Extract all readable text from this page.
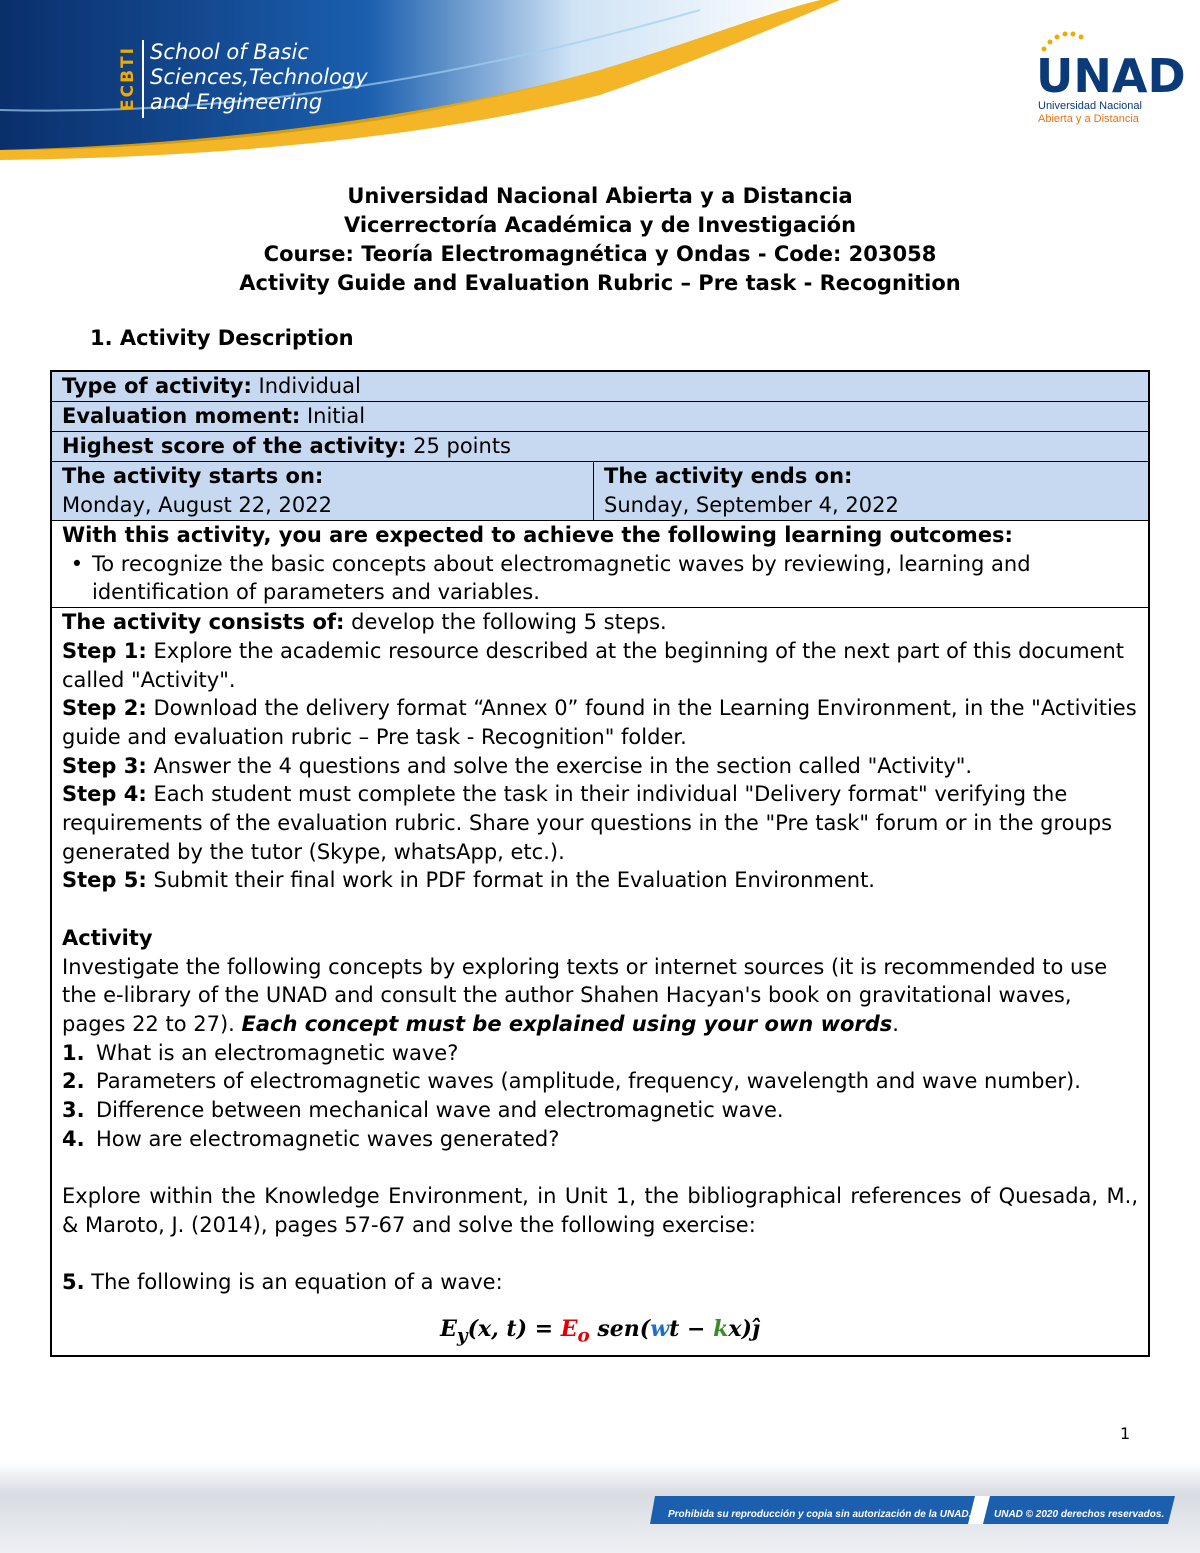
ECBTI School of Basic
Sciences,Technology
and Engineering	UNAD
Universidad Nacional
Abierta y a Distancia
Universidad Nacional Abierta y a Distancia
Vicerrectoría Académica y de Investigación
Course: Teoría Electromagnética y Ondas - Code: 203058
Activity Guide and Evaluation Rubric – Pre task - Recognition
1. Activity Description
Type of activity: Individual
Evaluation moment: Initial
Highest score of the activity: 25 points
The activity starts on:
Monday, August 22, 2022
The activity ends on:
Sunday, September 4, 2022
With this activity, you are expected to achieve the following learning outcomes:
• To recognize the basic concepts about electromagnetic waves by reviewing, learning and identification of parameters and variables.
The activity consists of: develop the following 5 steps.
Step 1: Explore the academic resource described at the beginning of the next part of this document called "Activity".
Step 2: Download the delivery format “Annex 0” found in the Learning Environment, in the "Activities guide and evaluation rubric – Pre task - Recognition" folder.
Step 3: Answer the 4 questions and solve the exercise in the section called "Activity".
Step 4: Each student must complete the task in their individual "Delivery format" verifying the requirements of the evaluation rubric. Share your questions in the "Pre task" forum or in the groups generated by the tutor (Skype, whatsApp, etc.).
Step 5: Submit their final work in PDF format in the Evaluation Environment.
Activity
Investigate the following concepts by exploring texts or internet sources (it is recommended to use the e-library of the UNAD and consult the author Shahen Hacyan's book on gravitational waves, pages 22 to 27). Each concept must be explained using your own words.
1. What is an electromagnetic wave?
2. Parameters of electromagnetic waves (amplitude, frequency, wavelength and wave number).
3. Difference between mechanical wave and electromagnetic wave.
4. How are electromagnetic waves generated?
Explore within the Knowledge Environment, in Unit 1, the bibliographical references of Quesada, M., & Maroto, J. (2014), pages 57-67 and solve the following exercise:
5. The following is an equation of a wave:
$E_y(x$, $t) = E_o$ sen(wt − kx)ĵ
1
Prohibida su reproducción y copia sin autorización de la UNAD. UNAD © 2020 derechos reservados.
